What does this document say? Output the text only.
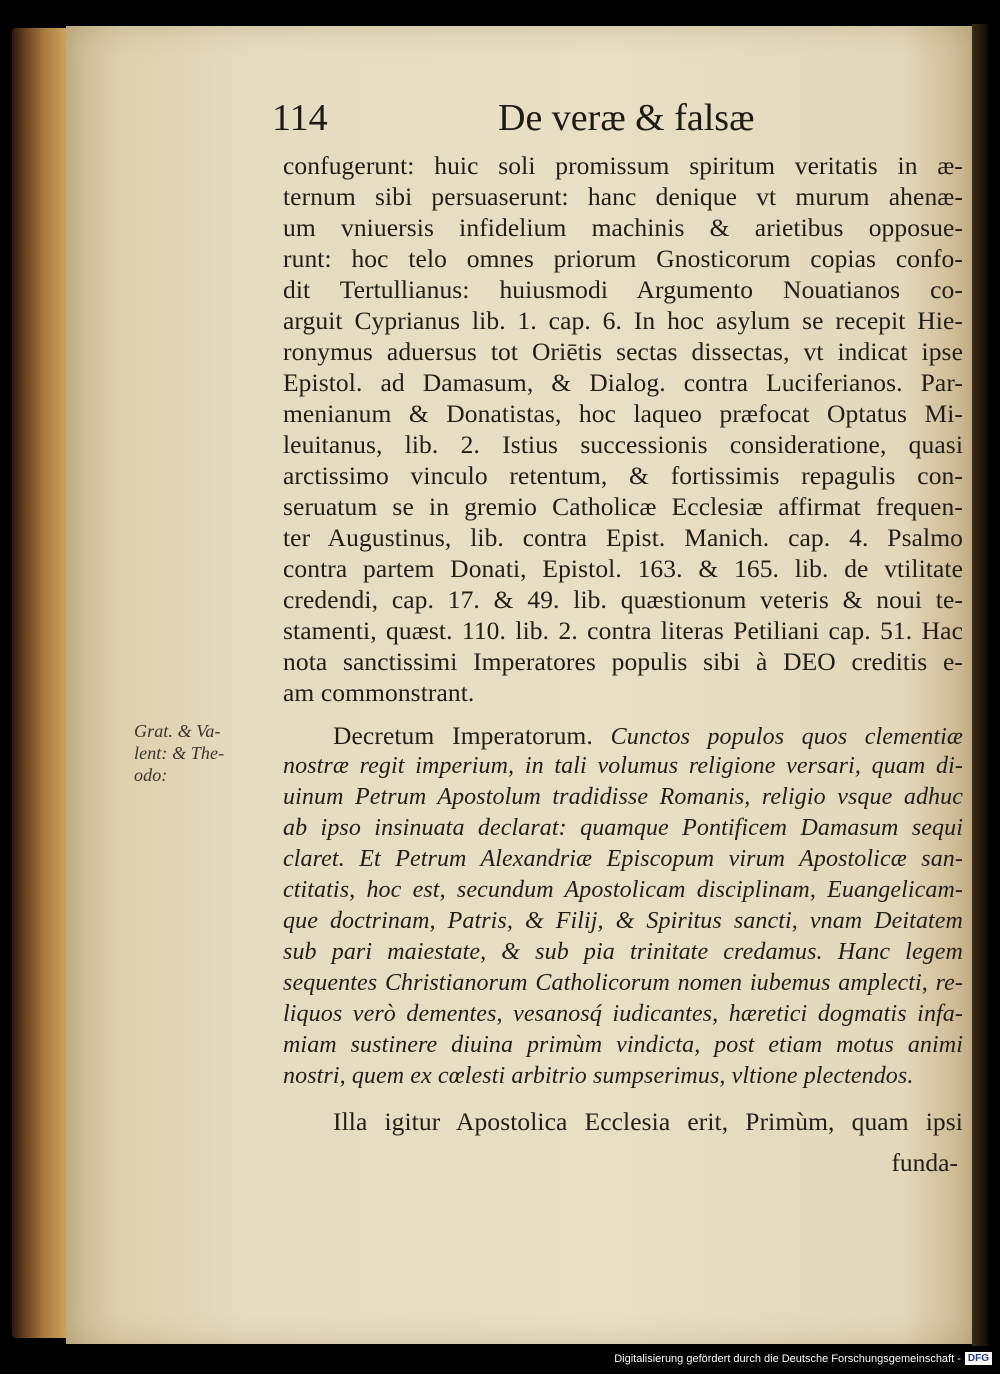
114	De veræ & falsæ
confugerunt: huic soli promissum spiritum veritatis in æ-
ternum sibi persuaserunt: hanc denique vt murum ahenæ-
um vniuersis infidelium machinis & arietibus opposue-
runt: hoc telo omnes priorum Gnosticorum copias confo-
dit Tertullianus: huiusmodi Argumento Nouatianos co-
arguit Cyprianus lib. 1. cap. 6. In hoc asylum se recepit Hie-
ronymus aduersus tot Oriētis sectas dissectas, vt indicat ipse
Epistol. ad Damasum, & Dialog. contra Luciferianos. Par-
menianum & Donatistas, hoc laqueo præfocat Optatus Mi-
leuitanus, lib. 2. Istius successionis consideratione, quasi
arctissimo vinculo retentum, & fortissimis repagulis con-
seruatum se in gremio Catholicæ Ecclesiæ affirmat frequen-
ter Augustinus, lib. contra Epist. Manich. cap. 4. Psalmo
contra partem Donati, Epistol. 163. & 165. lib. de vtilitate
credendi, cap. 17. & 49. lib. quæstionum veteris & noui te-
stamenti, quæst. 110. lib. 2. contra literas Petiliani cap. 51. Hac
nota sanctissimi Imperatores populis sibi à DEO creditis e-
am commonstrant.
Grat. & Va-
lent: & The-
odo:
Decretum Imperatorum. Cunctos populos quos clementiæ
nostræ regit imperium, in tali volumus religione versari, quam di-
uinum Petrum Apostolum tradidisse Romanis, religio vsque adhuc
ab ipso insinuata declarat: quamque Pontificem Damasum sequi
claret. Et Petrum Alexandriæ Episcopum virum Apostolicæ san-
ctitatis, hoc est, secundum Apostolicam disciplinam, Euangelicam-
que doctrinam, Patris, & Filij, & Spiritus sancti, vnam Deitatem
sub pari maiestate, & sub pia trinitate credamus. Hanc legem
sequentes Christianorum Catholicorum nomen iubemus amplecti, re-
liquos verò dementes, vesanosq́ iudicantes, hæretici dogmatis infa-
miam sustinere diuina primùm vindicta, post etiam motus animi
nostri, quem ex cœlesti arbitrio sumpserimus, vltione plectendos.
Illa igitur Apostolica Ecclesia erit, Primùm, quam ipsi
funda-
Digitalisierung gefördert durch die Deutsche Forschungsgemeinschaft - DFG
